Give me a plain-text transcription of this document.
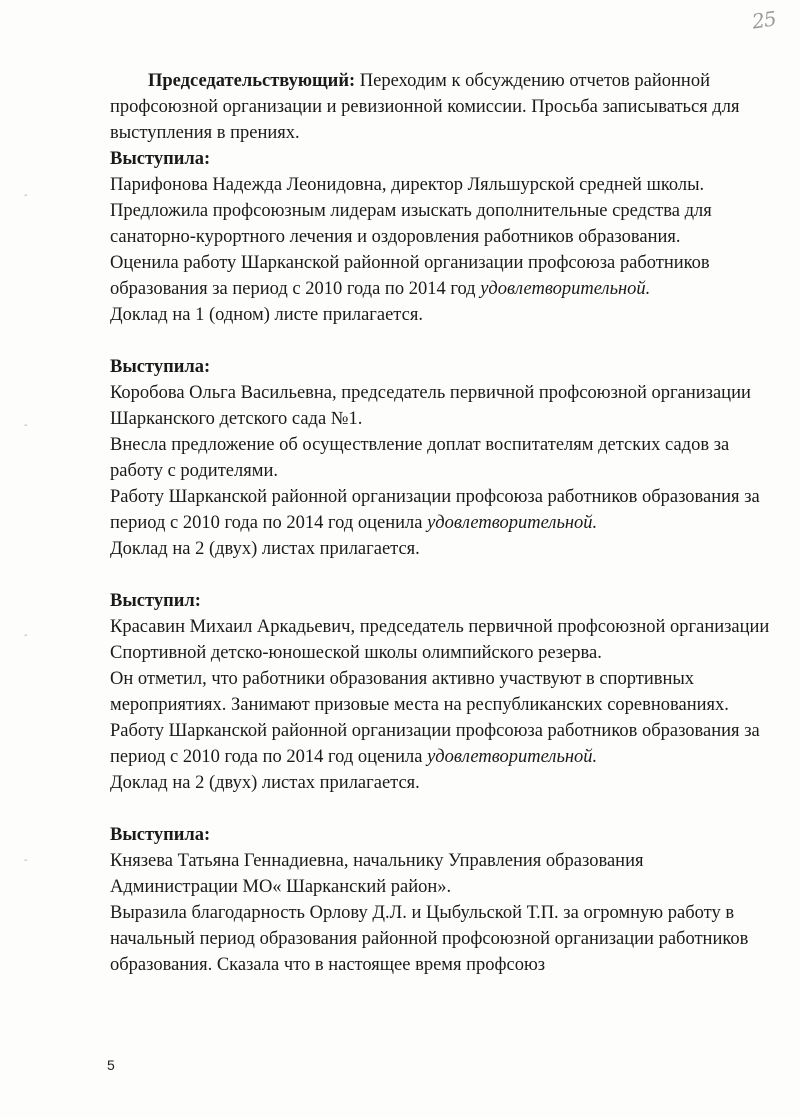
25
-
-
-
-

Председательствующий: Переходим к обсуждению отчетов районной профсоюзной организации и ревизионной комиссии. Просьба записываться для выступления в прениях.

Выступила:

Парифонова Надежда Леонидовна, директор Ляльшурской средней школы.

Предложила профсоюзным лидерам изыскать дополнительные средства для санаторно-курортного лечения и оздоровления работников образования.

Оценила работу Шарканской районной организации профсоюза работников образования за период с 2010 года по 2014 год удовлетворительной.

Доклад на 1 (одном) листе прилагается.

Выступила:

Коробова Ольга Васильевна, председатель первичной профсоюзной организации Шарканского детского сада №1.

Внесла предложение об осуществление доплат воспитателям детских садов за работу с родителями.

Работу Шарканской районной организации профсоюза работников образования за период с 2010 года по 2014 год оценила удовлетворительной.

Доклад на 2 (двух) листах прилагается.

Выступил:

Красавин Михаил Аркадьевич, председатель первичной профсоюзной организации Спортивной детско-юношеской школы олимпийского резерва.

Он отметил, что работники образования активно участвуют в спортивных мероприятиях. Занимают призовые места на республиканских соревнованиях.

Работу Шарканской районной организации профсоюза работников образования за период с 2010 года по 2014 год оценила удовлетворительной.

Доклад на 2 (двух) листах прилагается.

Выступила:

Князева Татьяна Геннадиевна, начальнику Управления образования Администрации МО« Шарканский район».

Выразила благодарность Орлову Д.Л. и Цыбульской Т.П. за огромную работу в начальный период образования районной профсоюзной организации работников образования. Сказала что в настоящее время профсоюз

5
